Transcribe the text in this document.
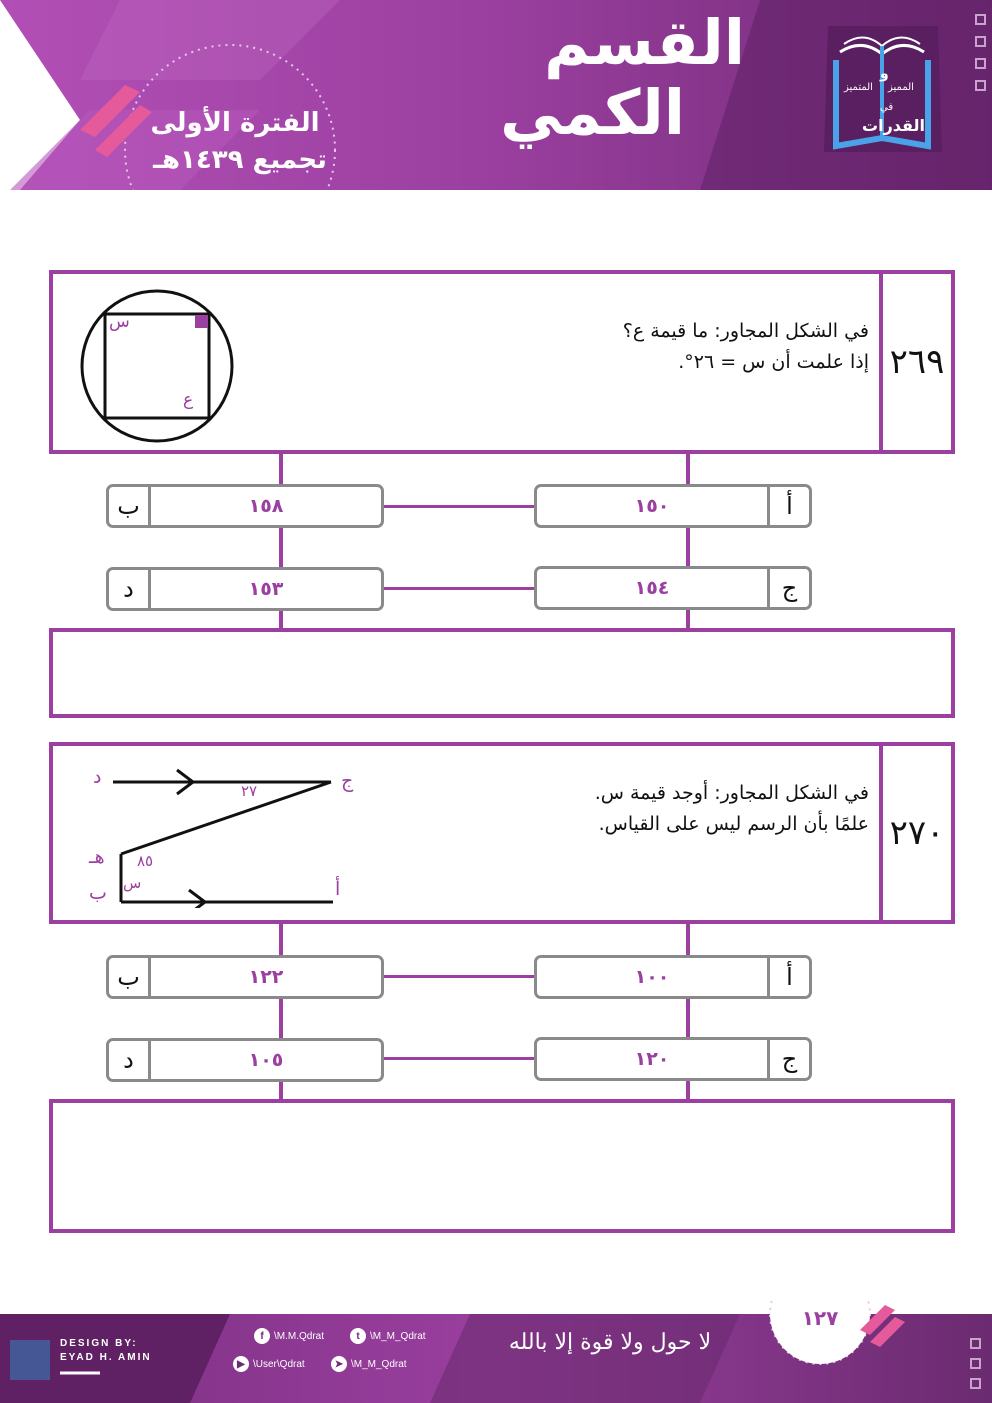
القسم
الكمي
الفترة الأولى
تجميع ١٤٣٩هـ
و
المميز
المتميز
في
القدرات
٢٦٩
في الشكل المجاور: ما قيمة ع؟
إذا علمت أن س = ٢٦°.
س
ع
أ
١٥٠
ب	١٥٨
ج
١٥٤
د	١٥٣
٢٧٠
في الشكل المجاور: أوجد قيمة س.
علمًا بأن الرسم ليس على القياس.
د	ج
٢٧
هـ ٨٥
س
ب	أ
أ
١٠٠
ب	١٢٢
ج
١٢٠
د	١٠٥
١٢٧
DESIGN BY:
EYAD H. AMIN
f	\M.M.Qdrat	t	\M_M_Qdrat
▶ \User\Qdrat	➤ \M_M_Qdrat
لا حول ولا قوة إلا بالله
